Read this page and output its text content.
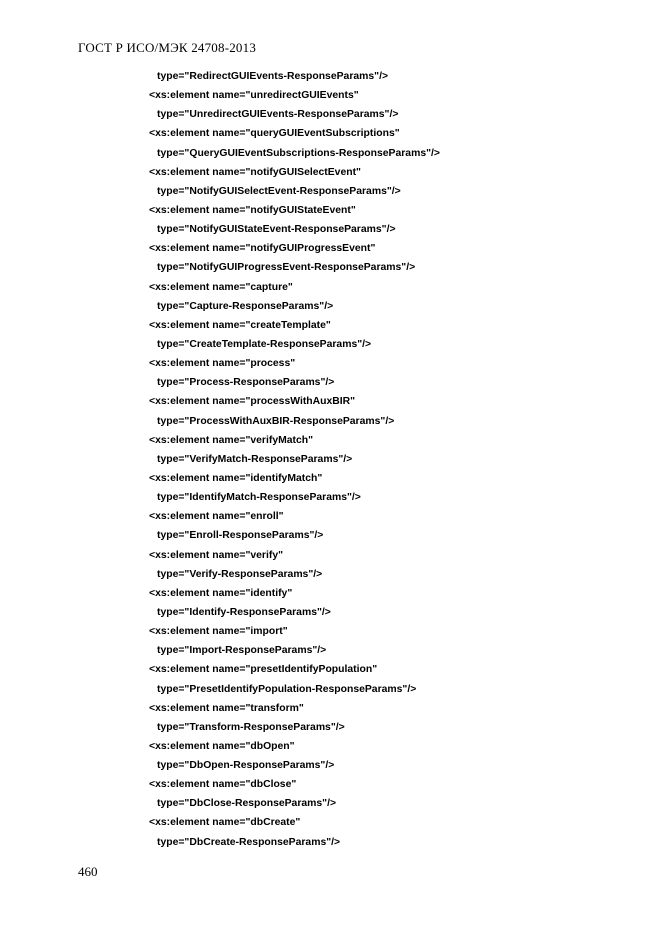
ГОСТ Р ИСО/МЭК 24708-2013
type="RedirectGUIEvents-ResponseParams"/>
<xs:element name="unredirectGUIEvents"
type="UnredirectGUIEvents-ResponseParams"/>
<xs:element name="queryGUIEventSubscriptions"
type="QueryGUIEventSubscriptions-ResponseParams"/>
<xs:element name="notifyGUISelectEvent"
type="NotifyGUISelectEvent-ResponseParams"/>
<xs:element name="notifyGUIStateEvent"
type="NotifyGUIStateEvent-ResponseParams"/>
<xs:element name="notifyGUIProgressEvent"
type="NotifyGUIProgressEvent-ResponseParams"/>
<xs:element name="capture"
type="Capture-ResponseParams"/>
<xs:element name="createTemplate"
type="CreateTemplate-ResponseParams"/>
<xs:element name="process"
type="Process-ResponseParams"/>
<xs:element name="processWithAuxBIR"
type="ProcessWithAuxBIR-ResponseParams"/>
<xs:element name="verifyMatch"
type="VerifyMatch-ResponseParams"/>
<xs:element name="identifyMatch"
type="IdentifyMatch-ResponseParams"/>
<xs:element name="enroll"
type="Enroll-ResponseParams"/>
<xs:element name="verify"
type="Verify-ResponseParams"/>
<xs:element name="identify"
type="Identify-ResponseParams"/>
<xs:element name="import"
type="Import-ResponseParams"/>
<xs:element name="presetIdentifyPopulation"
type="PresetIdentifyPopulation-ResponseParams"/>
<xs:element name="transform"
type="Transform-ResponseParams"/>
<xs:element name="dbOpen"
type="DbOpen-ResponseParams"/>
<xs:element name="dbClose"
type="DbClose-ResponseParams"/>
<xs:element name="dbCreate"
type="DbCreate-ResponseParams"/>
460
